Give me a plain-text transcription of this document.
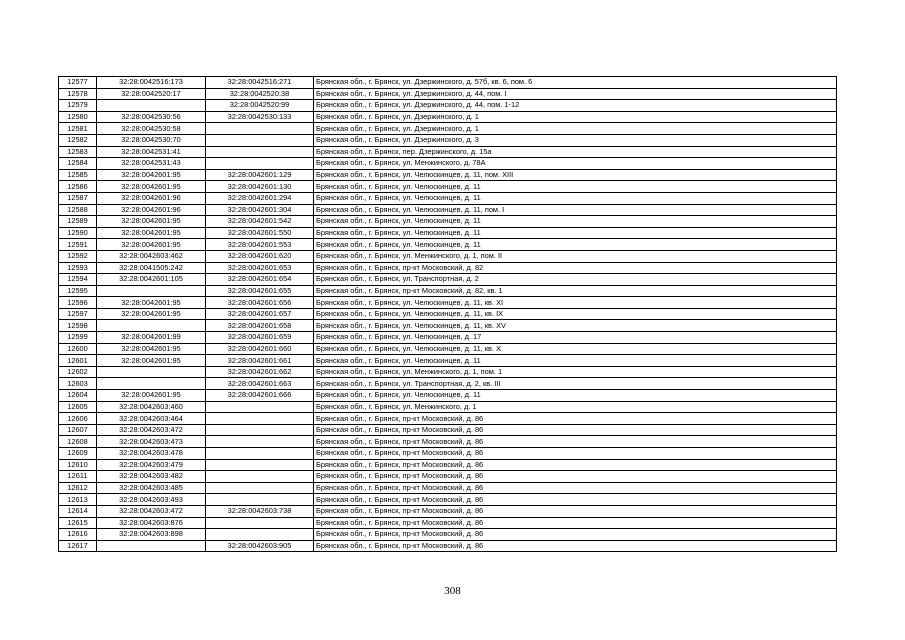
12577	32:28:0042516:173	32:28:0042516:271	Брянская обл., г. Брянск, ул. Дзержинского, д. 57б, кв. 6, пом. 6
12578	32:28:0042520:17	32:28:0042520:38	Брянская обл., г. Брянск, ул. Дзержинского, д. 44, пом. I
12579		32:28:0042520:99	Брянская обл., г. Брянск, ул. Дзержинского, д. 44, пом. 1-12
12580	32:28:0042530:56	32:28:0042530:133	Брянская обл., г. Брянск, ул. Дзержинского, д. 1
12581	32:28:0042530:58		Брянская обл., г. Брянск, ул. Дзержинского, д. 1
12582	32:28:0042530:70		Брянская обл., г. Брянск, ул. Дзержинского, д. 3
12583	32:28:0042531:41		Брянская обл., г. Брянск, пер. Дзержинского, д. 15а
12584	32:28:0042531:43		Брянская обл., г. Брянск, ул. Менжинского, д. 78А
12585	32:28:0042601:95	32:28:0042601:129	Брянская обл., г. Брянск, ул. Челюскинцев, д. 11, пом. XIII
12586	32:28:0042601:95	32:28:0042601:130	Брянская обл., г. Брянск, ул. Челюскинцев, д. 11
12587	32:28:0042601:96	32:28:0042601:294	Брянская обл., г. Брянск, ул. Челюскинцев, д. 11
12588	32:28:0042601:96	32:28:0042601:304	Брянская обл., г. Брянск, ул. Челюскинцев, д. 11, пом. I
12589	32:28:0042601:95	32:28:0042601:542	Брянская обл., г. Брянск, ул. Челюскинцев, д. 11
12590	32:28:0042601:95	32:28:0042601:550	Брянская обл., г. Брянск, ул. Челюскинцев, д. 11
12591	32:28:0042601:95	32:28:0042601:553	Брянская обл., г. Брянск, ул. Челюскинцев, д. 11
12592	32:28:0042603:462	32:28:0042601:620	Брянская обл., г. Брянск, ул. Менжинского, д. 1, пом. II
12593	32:28:0041505:242	32:28:0042601:653	Брянская обл., г. Брянск, пр-кт Московский, д. 82
12594	32:28:0042601:105	32:28:0042601:654	Брянская обл., г. Брянск, ул. Транспортная, д. 2
12595		32:28:0042601:655	Брянская обл., г. Брянск, пр-кт Московский, д. 82, кв. 1
12596	32:28:0042601:95	32:28:0042601:656	Брянская обл., г. Брянск, ул. Челюскинцев, д. 11, кв. XI
12597	32:28:0042601:95	32:28:0042601:657	Брянская обл., г. Брянск, ул. Челюскинцев, д. 11, кв. IX
12598		32:28:0042601:658	Брянская обл., г. Брянск, ул. Челюскинцев, д. 11, кв. XV
12599	32:28:0042601:99	32:28:0042601:659	Брянская обл., г. Брянск, ул. Челюскинцев, д. 17
12600	32:28:0042601:95	32:28:0042601:660	Брянская обл., г. Брянск, ул. Челюскинцев, д. 11, кв. X
12601	32:28:0042601:95	32:28:0042601:661	Брянская обл., г. Брянск, ул. Челюскинцев, д. 11
12602		32:28:0042601:662	Брянская обл., г. Брянск, ул. Менжинского, д. 1, пом. 1
12603		32:28:0042601:663	Брянская обл., г. Брянск, ул. Транспортная, д. 2, кв. III
12604	32:28:0042601:95	32:28:0042601:666	Брянская обл., г. Брянск, ул. Челюскинцев, д. 11
12605	32:28:0042603:460		Брянская обл., г. Брянск, ул. Менжинского, д. 1
12606	32:28:0042603:464		Брянская обл., г. Брянск, пр-кт Московский, д. 86
12607	32:28:0042603:472		Брянская обл., г. Брянск, пр-кт Московский, д. 86
12608	32:28:0042603:473		Брянская обл., г. Брянск, пр-кт Московский, д. 86
12609	32:28:0042603:478		Брянская обл., г. Брянск, пр-кт Московский, д. 86
12610	32:28:0042603:479		Брянская обл., г. Брянск, пр-кт Московский, д. 86
12611	32:28:0042603:482		Брянская обл., г. Брянск, пр-кт Московский, д. 86
12612	32:28:0042603:485		Брянская обл., г. Брянск, пр-кт Московский, д. 86
12613	32:28:0042603:493		Брянская обл., г. Брянск, пр-кт Московский, д. 86
12614	32:28:0042603:472	32:28:0042603:738	Брянская обл., г. Брянск, пр-кт Московский, д. 86
12615	32:28:0042603:876		Брянская обл., г. Брянск, пр-кт Московский, д. 86
12616	32:28:0042603:898		Брянская обл., г. Брянск, пр-кт Московский, д. 86
12617		32:28:0042603:905	Брянская обл., г. Брянск, пр-кт Московский, д. 86
308
